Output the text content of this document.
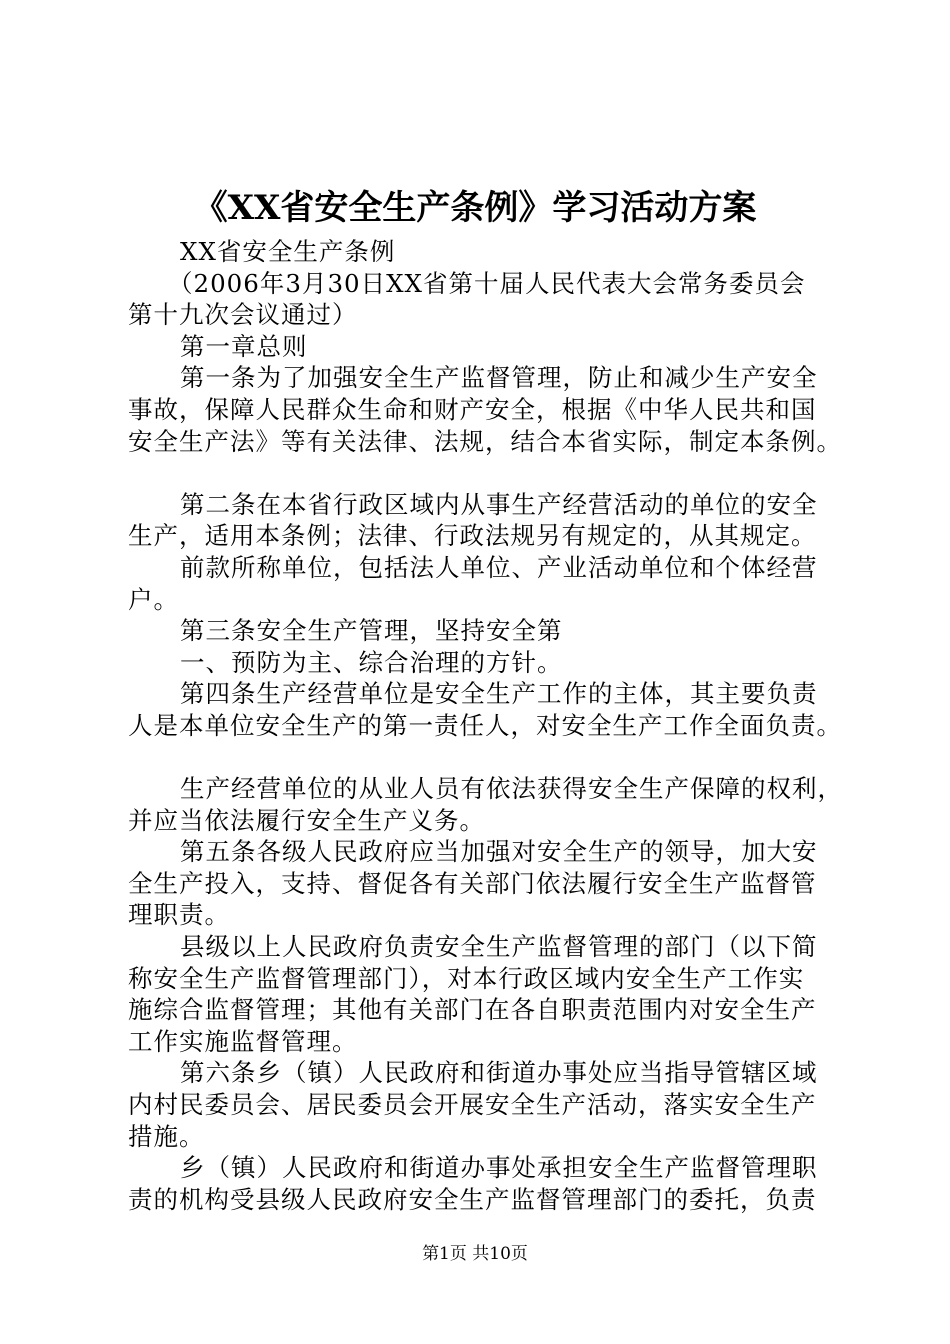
《XX省安全生产条例》学习活动方案
XX省安全生产条例
（2006年3月30日XX省第十届人民代表大会常务委员会
第十九次会议通过）
第一章总则
第一条为了加强安全生产监督管理，防止和减少生产安全
事故，保障人民群众生命和财产安全，根据《中华人民共和国
安全生产法》等有关法律、法规，结合本省实际，制定本条例。
第二条在本省行政区域内从事生产经营活动的单位的安全
生产，适用本条例；法律、行政法规另有规定的，从其规定。
前款所称单位，包括法人单位、产业活动单位和个体经营
户。
第三条安全生产管理，坚持安全第
一、预防为主、综合治理的方针。
第四条生产经营单位是安全生产工作的主体，其主要负责
人是本单位安全生产的第一责任人，对安全生产工作全面负责。
生产经营单位的从业人员有依法获得安全生产保障的权利，
并应当依法履行安全生产义务。
第五条各级人民政府应当加强对安全生产的领导，加大安
全生产投入，支持、督促各有关部门依法履行安全生产监督管
理职责。
县级以上人民政府负责安全生产监督管理的部门（以下简
称安全生产监督管理部门），对本行政区域内安全生产工作实
施综合监督管理；其他有关部门在各自职责范围内对安全生产
工作实施监督管理。
第六条乡（镇）人民政府和街道办事处应当指导管辖区域
内村民委员会、居民委员会开展安全生产活动，落实安全生产
措施。
乡（镇）人民政府和街道办事处承担安全生产监督管理职
责的机构受县级人民政府安全生产监督管理部门的委托，负责
第1页 共10页
